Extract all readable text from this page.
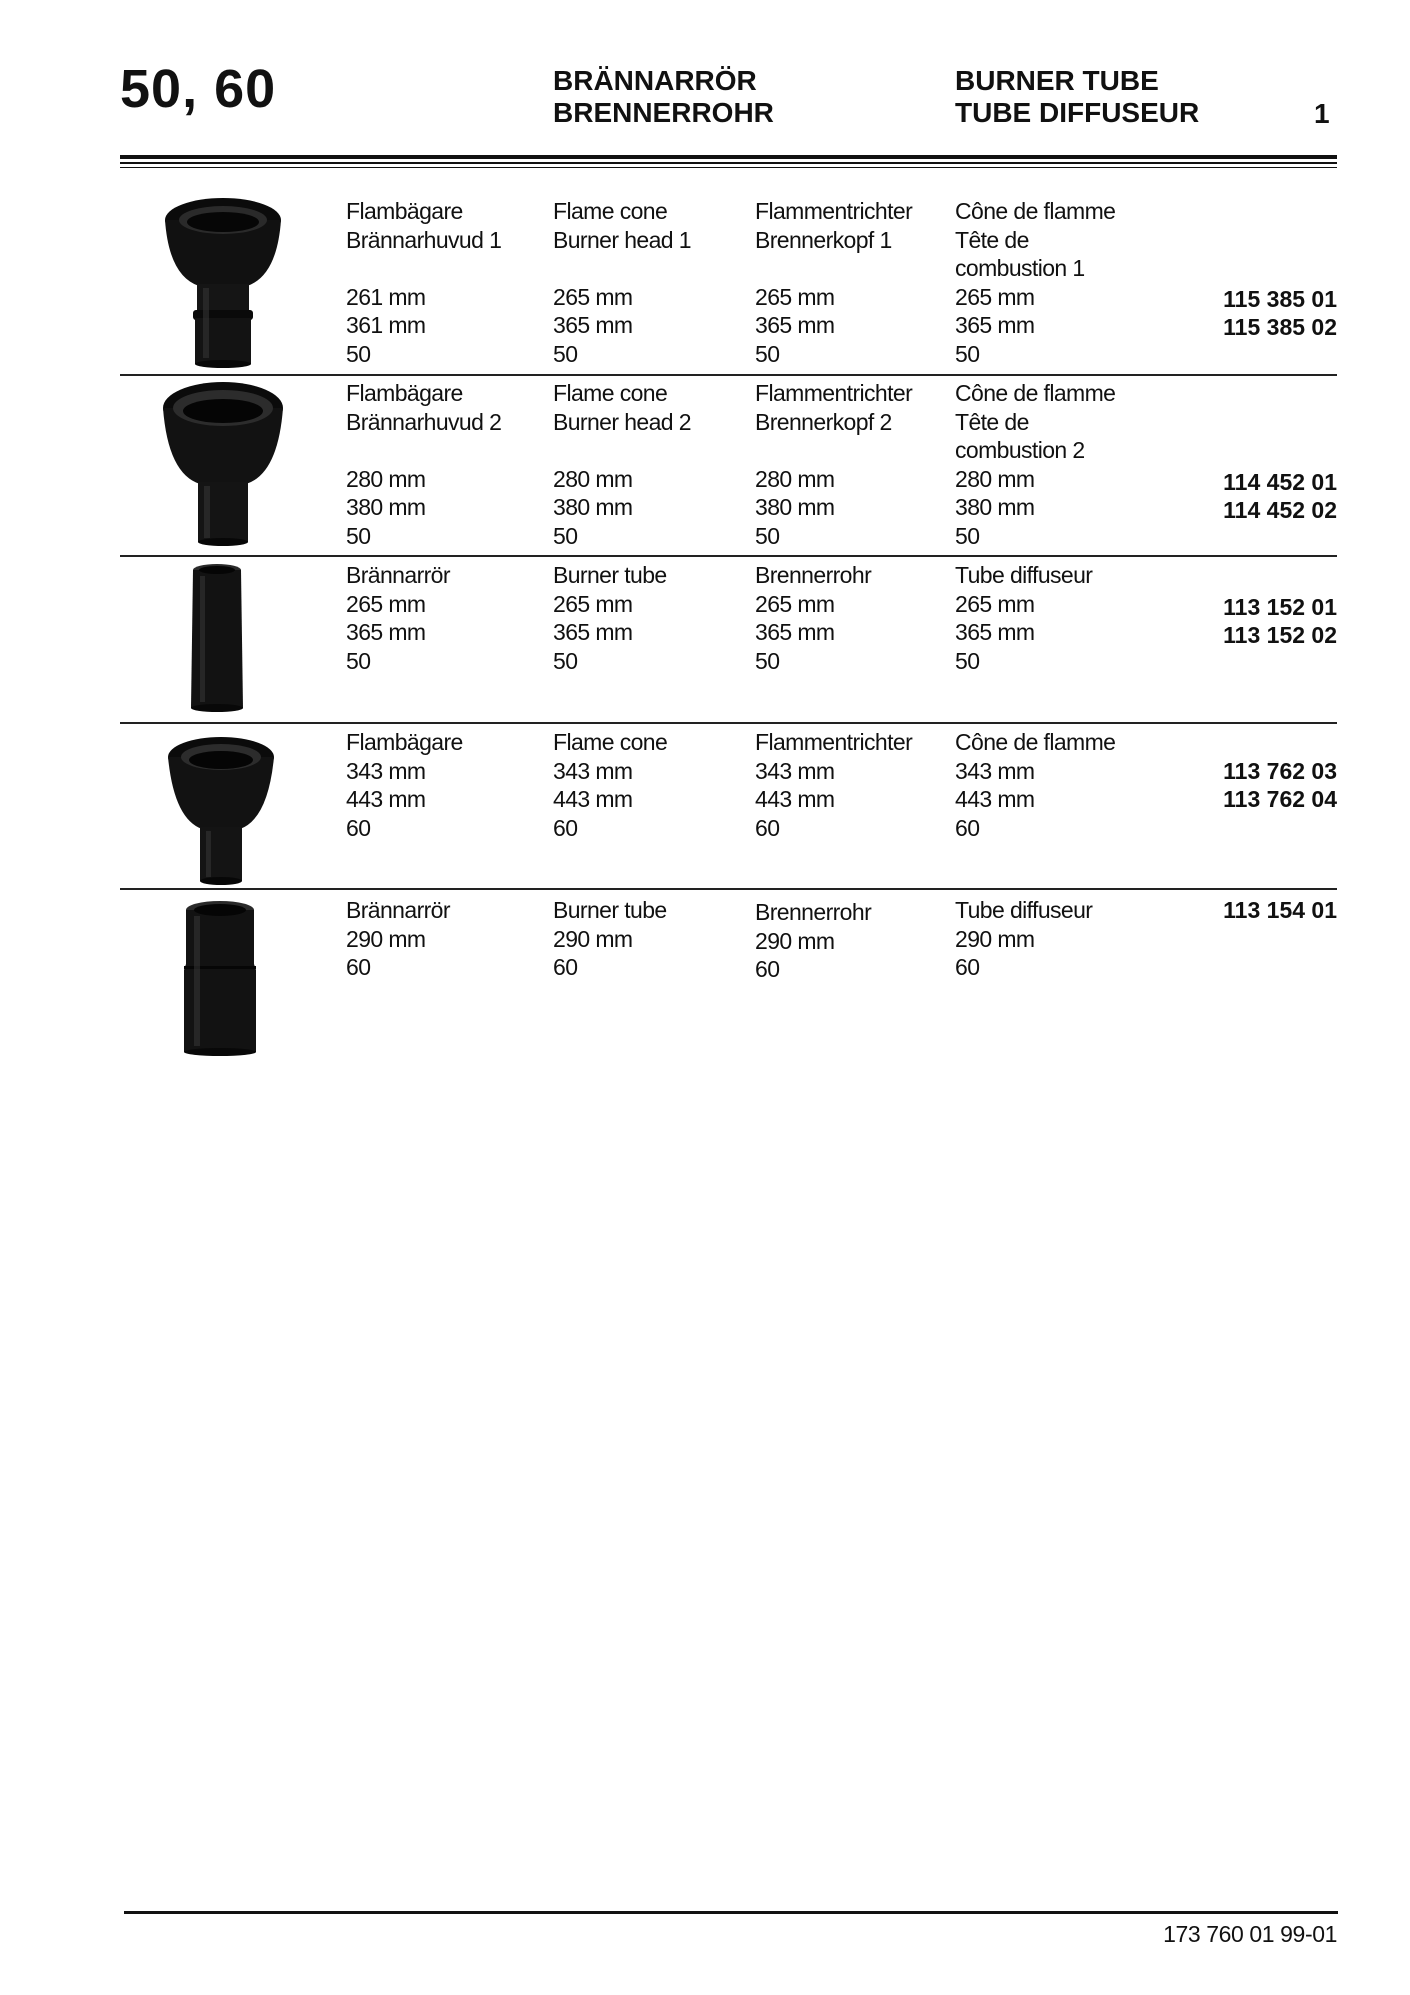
50, 60	BRÄNNARRÖR
BRENNERROHR
BURNER TUBE
TUBE DIFFUSEUR	1
Flambägare
Brännarhuvud 1
261 mm
361 mm
50
Flame cone
Burner head 1
265 mm
365 mm
50
Flammentrichter
Brennerkopf 1
265 mm
365 mm
50
Cône de flamme
Tête de
combustion 1
265 mm
365 mm
50
115 385 01
115 385 02
Flambägare
Brännarhuvud 2
280 mm
380 mm
50
Flame cone
Burner head 2
280 mm
380 mm
50
Flammentrichter
Brennerkopf 2
280 mm
380 mm
50
Cône de flamme
Tête de
combustion 2
280 mm
380 mm
50
114 452 01
114 452 02
Brännarrör
265 mm
365 mm
50
Burner tube
265 mm
365 mm
50
Brennerrohr
265 mm
365 mm
50
Tube diffuseur
265 mm
365 mm
50
113 152 01
113 152 02
Flambägare
343 mm
443 mm
60
Flame cone
343 mm
443 mm
60
Flammentrichter
343 mm
443 mm
60
Cône de flamme
343 mm
443 mm
60
113 762 03
113 762 04
Brännarrör
290 mm
60
Burner tube
290 mm
60
Brennerrohr
290 mm
60
Tube diffuseur
290 mm
60
113 154 01
173 760 01 99-01
